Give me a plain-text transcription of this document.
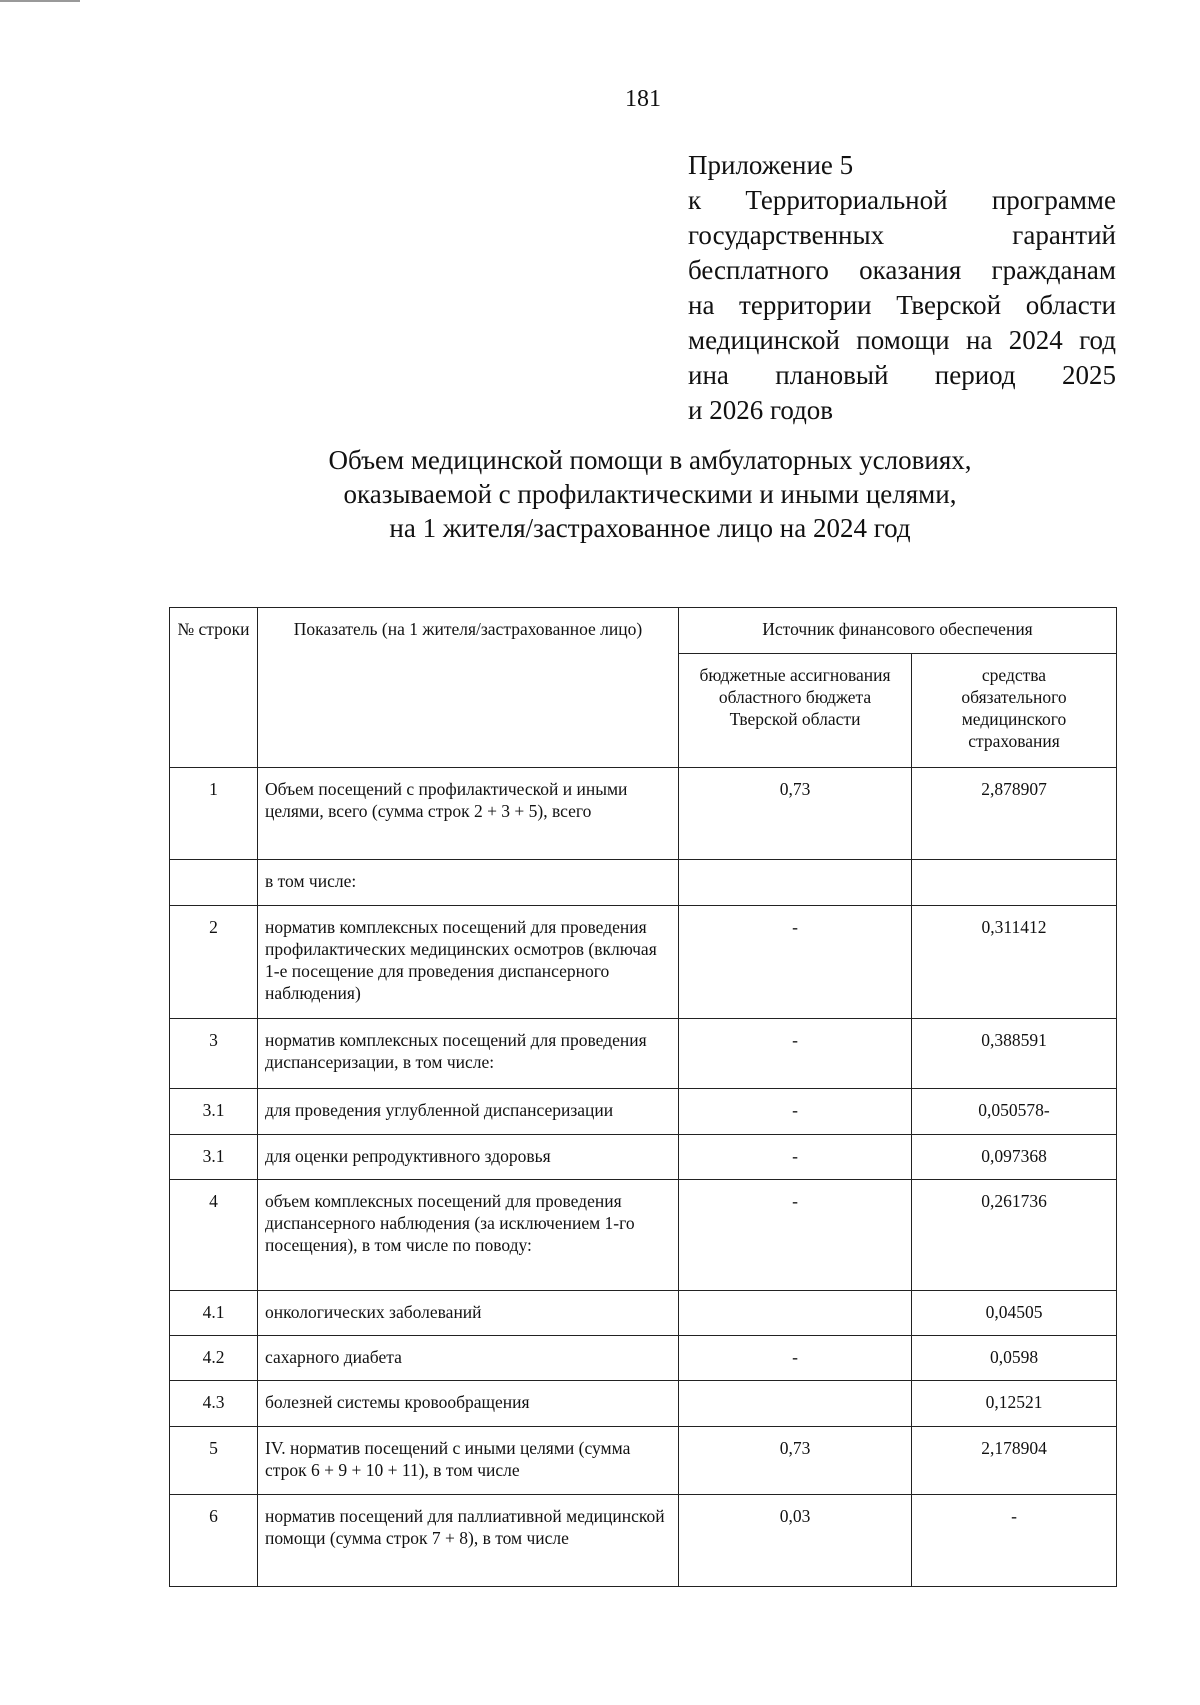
181
Приложение 5
к Территориальной программе
государственных гарантий
бесплатного оказания гражданам
на территории Тверской области
медицинской помощи на 2024 год
ина плановый период 2025
и 2026 годов
Объем медицинской помощи в амбулаторных условиях,
оказываемой с профилактическими и иными целями,
на 1 жителя/застрахованное лицо на 2024 год
№ строки	Показатель (на 1 жителя/застрахованное лицо)	Источник финансового обеспечения	
		бюджетные ассигнования областного бюджета Тверской области	средства обязательного медицинского страхования
1	Объем посещений с профилактической и иными целями, всего (сумма строк 2 + 3 + 5), всего	0,73	2,878907
	в том числе:		
2	норматив комплексных посещений для проведения профилактических медицинских осмотров (включая 1-е посещение для проведения диспансерного наблюдения)	-	0,311412
3	норматив комплексных посещений для проведения диспансеризации, в том числе:	-	0,388591
3.1	для проведения углубленной диспансеризации	-	0,050578-
3.1	для оценки репродуктивного здоровья	-	0,097368
4	объем комплексных посещений для проведения диспансерного наблюдения (за исключением 1-го посещения), в том числе по поводу:	-	0,261736
4.1	онкологических заболеваний		0,04505
4.2	сахарного диабета	-	0,0598
4.3	болезней системы кровообращения		0,12521
5	IV. норматив посещений с иными целями (сумма строк 6 + 9 + 10 + 11), в том числе	0,73	2,178904
6	норматив посещений для паллиативной медицинской помощи (сумма строк 7 + 8), в том числе	0,03	-
